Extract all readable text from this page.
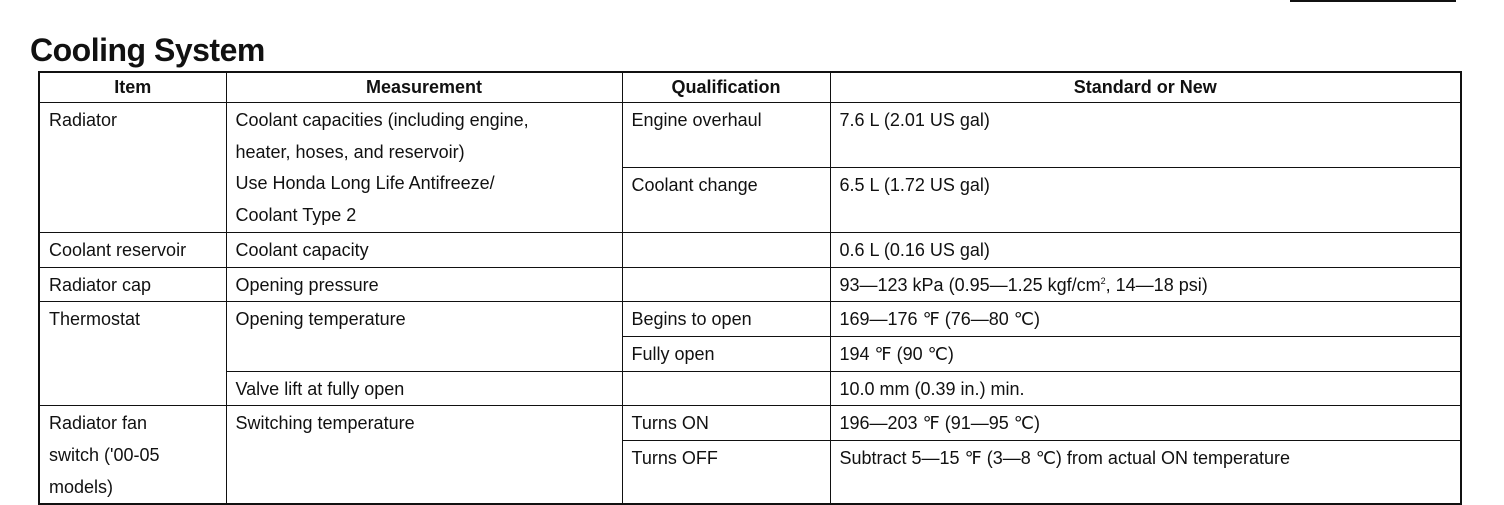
Cooling System
Item	Measurement	Qualification	Standard or New

Radiator	Coolant capacities (including engine,
heater, hoses, and reservoir)
Use Honda Long Life Antifreeze/
Coolant Type 2	Engine overhaul	7.6 L (2.01 US gal)

		Coolant change	6.5 L (1.72 US gal)

Coolant reservoir	Coolant capacity		0.6 L (0.16 US gal)

Radiator cap	Opening pressure		93—123 kPa (0.95—1.25 kgf/$cm^2$, 14—18 psi)

Thermostat	Opening temperature	Begins to open	169—176 ℉ (76—80 ℃)

		Fully open	194 ℉ (90 ℃)

	Valve lift at fully open		10.0 mm (0.39 in.) min.

Radiator fan
switch ('00-05
models)	Switching temperature	Turns ON	196—203 ℉ (91—95 ℃)

		Turns OFF	Subtract 5—15 ℉ (3—8 ℃) from actual ON temperature
